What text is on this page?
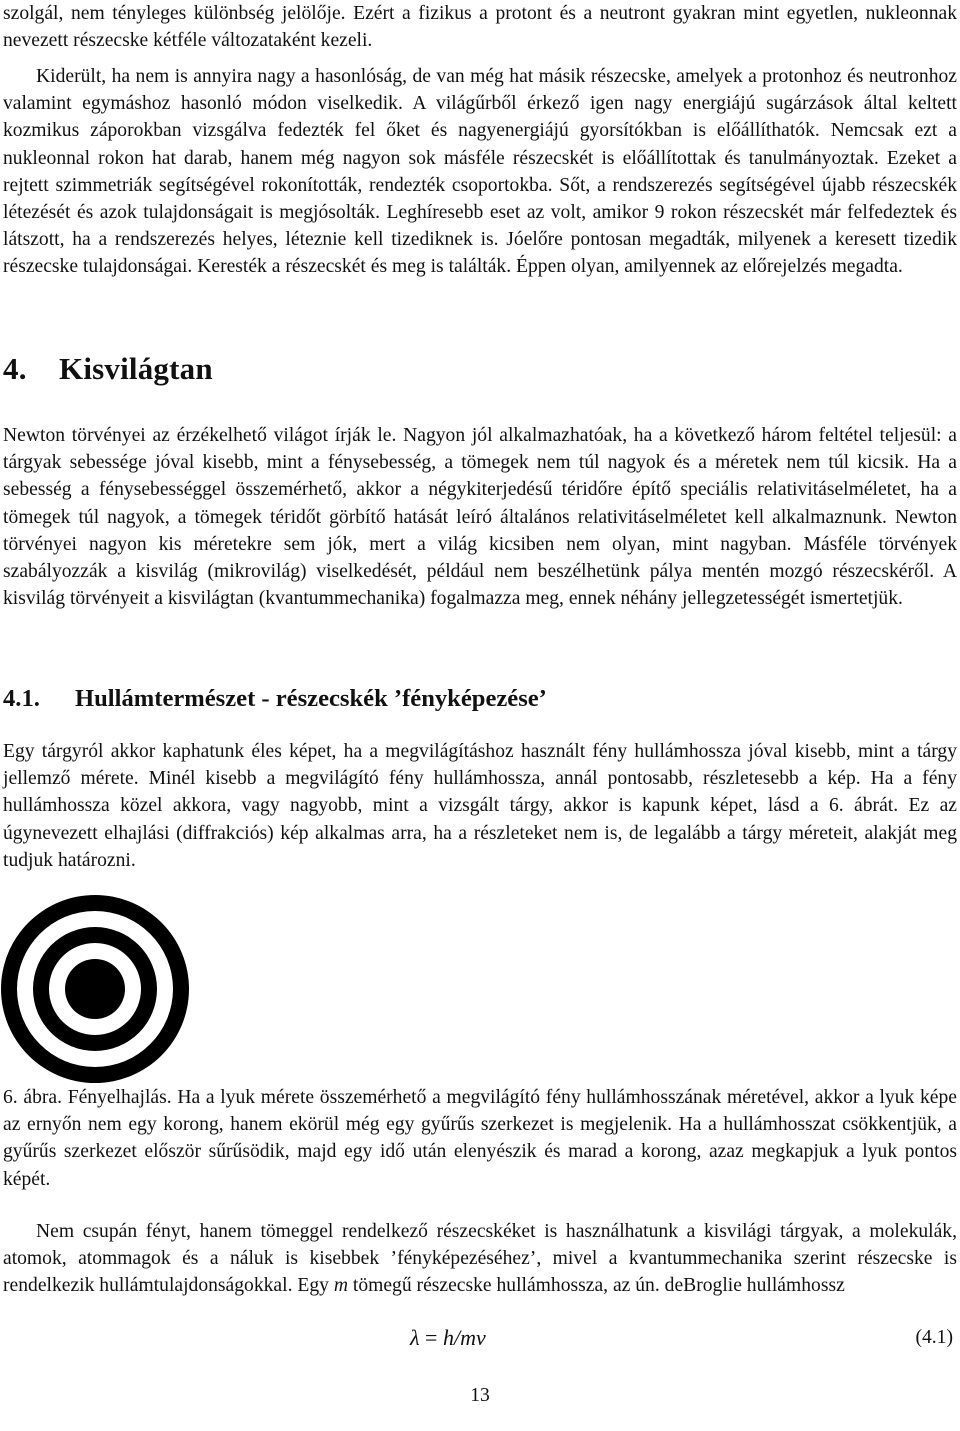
szolgál, nem tényleges különbség jelölője. Ezért a fizikus a protont és a neutront gyakran mint egyetlen, nukleonnak nevezett részecske kétféle változataként kezeli.

Kiderült, ha nem is annyira nagy a hasonlóság, de van még hat másik részecske, amelyek a protonhoz és neutronhoz valamint egymáshoz hasonló módon viselkedik. A világűrből érkező igen nagy energiájú sugárzások által keltett kozmikus záporokban vizsgálva fedezték fel őket és nagyenergiájú gyorsítókban is előállíthatók. Nemcsak ezt a nukleonnal rokon hat darab, hanem még nagyon sok másféle részecskét is előállítottak és tanulmányoztak. Ezeket a rejtett szimmetriák segítségével rokonították, rendezték csoportokba. Sőt, a rendszerezés segítségével újabb részecskék létezését és azok tulajdonságait is megjósolták. Leghíresebb eset az volt, amikor 9 rokon részecskét már felfedeztek és látszott, ha a rendszerezés helyes, léteznie kell tizediknek is. Jóelőre pontosan megadták, milyenek a keresett tizedik részecske tulajdonságai. Keresték a részecskét és meg is találták. Éppen olyan, amilyennek az előrejelzés megadta.

4. Kisvilágtan

Newton törvényei az érzékelhető világot írják le. Nagyon jól alkalmazhatóak, ha a következő három feltétel teljesül: a tárgyak sebessége jóval kisebb, mint a fénysebesség, a tömegek nem túl nagyok és a méretek nem túl kicsik. Ha a sebesség a fénysebességgel összemérhető, akkor a négykiterjedésű téridőre építő speciális relativitáselméletet, ha a tömegek túl nagyok, a tömegek téridőt görbítő hatását leíró általános relativitáselméletet kell alkalmaznunk. Newton törvényei nagyon kis méretekre sem jók, mert a világ kicsiben nem olyan, mint nagyban. Másféle törvények szabályozzák a kisvilág (mikrovilág) viselkedését, például nem beszélhetünk pálya mentén mozgó részecskéről. A kisvilág törvényeit a kisvilágtan (kvantummechanika) fogalmazza meg, ennek néhány jellegzetességét ismertetjük.

4.1. Hullámtermészet - részecskék ’fényképezése’

Egy tárgyról akkor kaphatunk éles képet, ha a megvilágításhoz használt fény hullámhossza jóval kisebb, mint a tárgy jellemző mérete. Minél kisebb a megvilágító fény hullámhossza, annál pontosabb, részletesebb a kép. Ha a fény hullámhossza közel akkora, vagy nagyobb, mint a vizsgált tárgy, akkor is kapunk képet, lásd a 6. ábrát. Ez az úgynevezett elhajlási (diffrakciós) kép alkalmas arra, ha a részleteket nem is, de legalább a tárgy méreteit, alakját meg tudjuk határozni.

6. ábra. Fényelhajlás. Ha a lyuk mérete összemérhető a megvilágító fény hullámhosszának méretével, akkor a lyuk képe az ernyőn nem egy korong, hanem ekörül még egy gyűrűs szerkezet is megjelenik. Ha a hullámhosszat csökkentjük, a gyűrűs szerkezet először sűrűsödik, majd egy idő után elenyészik és marad a korong, azaz megkapjuk a lyuk pontos képét.

Nem csupán fényt, hanem tömeggel rendelkező részecskéket is használhatunk a kisvilági tárgyak, a molekulák, atomok, atommagok és a náluk is kisebbek ’fényképezéséhez’, mivel a kvantummechanika szerint részecske is rendelkezik hullámtulajdonságokkal. Egy m tömegű részecske hullámhossza, az ún. deBroglie hullámhossz

λ = h/mv	(4.1)
13
